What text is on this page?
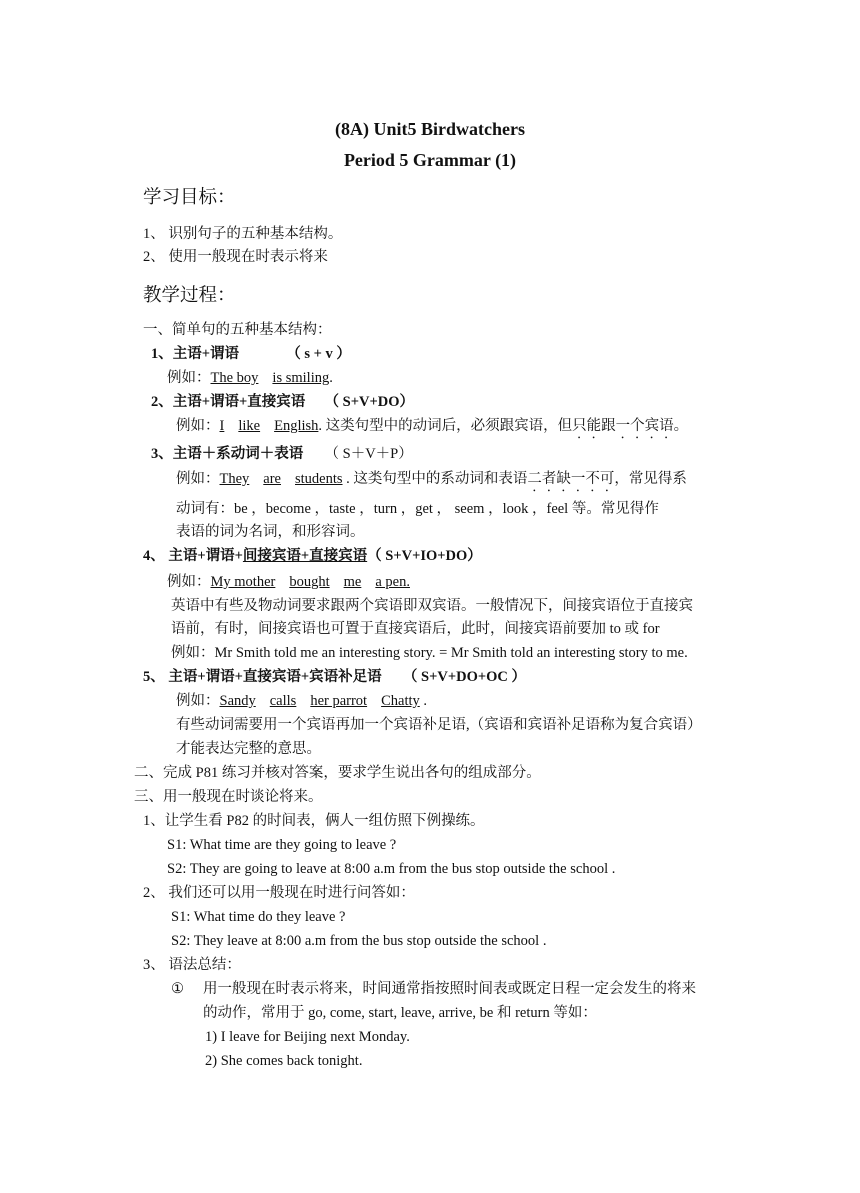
(8A) Unit5 Birdwatchers
Period 5 Grammar (1)
学习目标：
1、 识别句子的五种基本结构。
2、 使用一般现在时表示将来
教学过程：
一、简单句的五种基本结构：
1、主语+谓语	（ s + v ）
例如：The boy is smiling.
2、主语+谓语+直接宾语 （ S+V+DO）
例如：I like English. 这类句型中的动词后，必须跟宾语，但只能跟一个宾语。
3、主语＋系动词＋表语 （ S＋V＋P）
例如：They are students . 这类句型中的系动词和表语二者缺一不可，常见得系
动词有：be ，become ，taste ，turn ，get ， seem ，look ，feel 等。常见得作
表语的词为名词，和形容词。
4、 主语+谓语+间接宾语+直接宾语（ S+V+IO+DO）
例如：My mother bought me a pen.
英语中有些及物动词要求跟两个宾语即双宾语。一般情况下，间接宾语位于直接宾
语前，有时，间接宾语也可置于直接宾语后，此时，间接宾语前要加 to 或 for
例如：Mr Smith told me an interesting story. = Mr Smith told an interesting story to me.
5、 主语+谓语+直接宾语+宾语补足语 （ S+V+DO+OC ）
例如：Sandy calls her parrot Chatty .
有些动词需要用一个宾语再加一个宾语补足语,（宾语和宾语补足语称为复合宾语）
才能表达完整的意思。
二、完成 P81 练习并核对答案，要求学生说出各句的组成部分。
三、用一般现在时谈论将来。
1、让学生看 P82 的时间表，俩人一组仿照下例操练。
S1: What time are they going to leave ?
S2: They are going to leave at 8:00 a.m from the bus stop outside the school .
2、 我们还可以用一般现在时进行问答如：
S1: What time do they leave ?
S2: They leave at 8:00 a.m from the bus stop outside the school .
3、 语法总结：
① 用一般现在时表示将来，时间通常指按照时间表或既定日程一定会发生的将来
的动作，常用于 go, come, start, leave, arrive, be 和 return 等如：
1) I leave for Beijing next Monday.
2) She comes back tonight.
